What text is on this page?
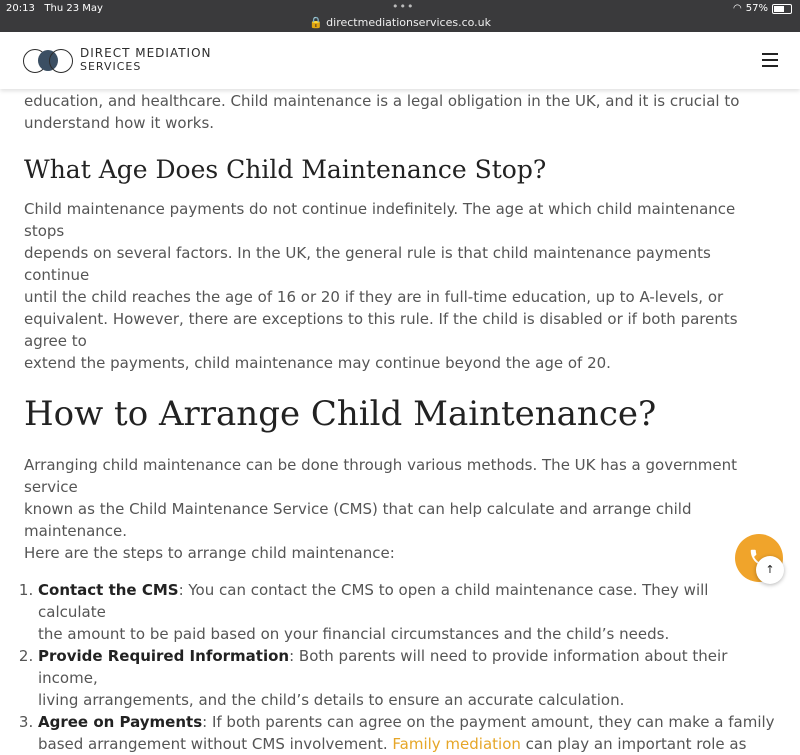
20:13 Thu 23 May	•••
🔒 directmediationservices.co.uk
◠ 57%
DIRECT MEDIATION
SERVICES

education, and healthcare. Child maintenance is a legal obligation in the UK, and it is crucial to
understand how it works.

What Age Does Child Maintenance Stop?

Child maintenance payments do not continue indefinitely. The age at which child maintenance stops
depends on several factors. In the UK, the general rule is that child maintenance payments continue
until the child reaches the age of 16 or 20 if they are in full-time education, up to A-levels, or
equivalent. However, there are exceptions to this rule. If the child is disabled or if both parents agree to
extend the payments, child maintenance may continue beyond the age of 20.

How to Arrange Child Maintenance?

Arranging child maintenance can be done through various methods. The UK has a government service
known as the Child Maintenance Service (CMS) that can help calculate and arrange child maintenance.
Here are the steps to arrange child maintenance:

1. Contact the CMS: You can contact the CMS to open a child maintenance case. They will calculate
the amount to be paid based on your financial circumstances and the child’s needs.
2. Provide Required Information: Both parents will need to provide information about their income,
living arrangements, and the child’s details to ensure an accurate calculation.
3. Agree on Payments: If both parents can agree on the payment amount, they can make a family
based arrangement without CMS involvement. Family mediation can play an important role as
↑
